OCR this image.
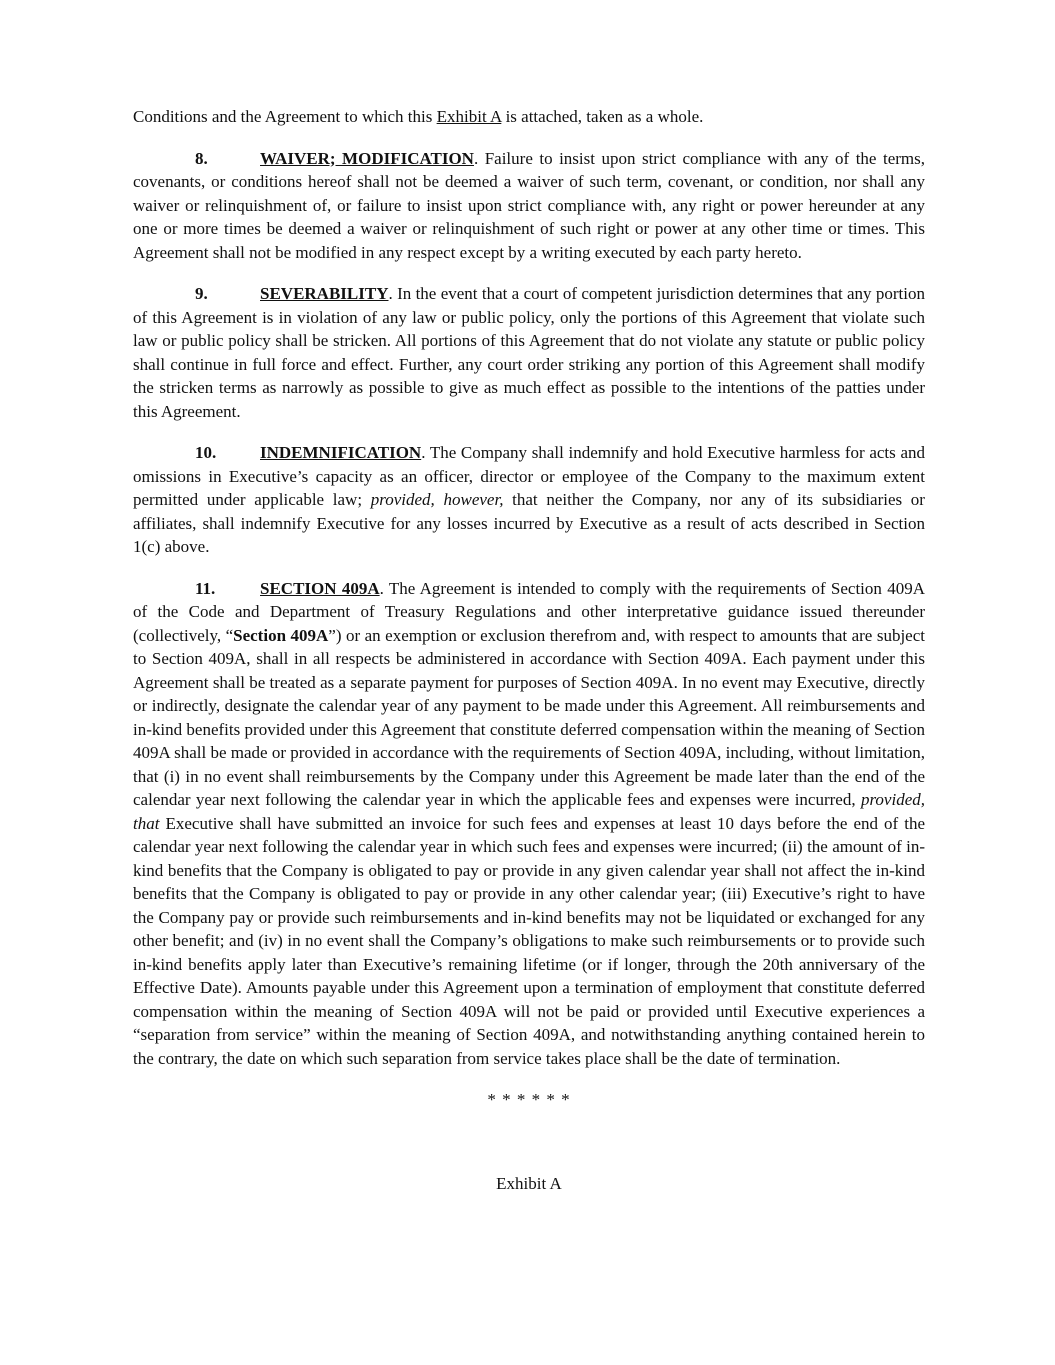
Conditions and the Agreement to which this Exhibit A is attached, taken as a whole.

8.	WAIVER; MODIFICATION. Failure to insist upon strict compliance with any of the terms, covenants, or conditions hereof shall not be deemed a waiver of such term, covenant, or condition, nor shall any waiver or relinquishment of, or failure to insist upon strict compliance with, any right or power hereunder at any one or more times be deemed a waiver or relinquishment of such right or power at any other time or times. This Agreement shall not be modified in any respect except by a writing executed by each party hereto.

9.	SEVERABILITY. In the event that a court of competent jurisdiction determines that any portion of this Agreement is in violation of any law or public policy, only the portions of this Agreement that violate such law or public policy shall be stricken. All portions of this Agreement that do not violate any statute or public policy shall continue in full force and effect. Further, any court order striking any portion of this Agreement shall modify the stricken terms as narrowly as possible to give as much effect as possible to the intentions of the patties under this Agreement.

10.	INDEMNIFICATION. The Company shall indemnify and hold Executive harmless for acts and omissions in Executive’s capacity as an officer, director or employee of the Company to the maximum extent permitted under applicable law; provided, however, that neither the Company, nor any of its subsidiaries or affiliates, shall indemnify Executive for any losses incurred by Executive as a result of acts described in Section 1(c) above.

11.	SECTION 409A. The Agreement is intended to comply with the requirements of Section 409A of the Code and Department of Treasury Regulations and other interpretative guidance issued thereunder (collectively, “Section 409A”) or an exemption or exclusion therefrom and, with respect to amounts that are subject to Section 409A, shall in all respects be administered in accordance with Section 409A. Each payment under this Agreement shall be treated as a separate payment for purposes of Section 409A. In no event may Executive, directly or indirectly, designate the calendar year of any payment to be made under this Agreement. All reimbursements and in-kind benefits provided under this Agreement that constitute deferred compensation within the meaning of Section 409A shall be made or provided in accordance with the requirements of Section 409A, including, without limitation, that (i) in no event shall reimbursements by the Company under this Agreement be made later than the end of the calendar year next following the calendar year in which the applicable fees and expenses were incurred, provided, that Executive shall have submitted an invoice for such fees and expenses at least 10 days before the end of the calendar year next following the calendar year in which such fees and expenses were incurred; (ii) the amount of in-kind benefits that the Company is obligated to pay or provide in any given calendar year shall not affect the in-kind benefits that the Company is obligated to pay or provide in any other calendar year; (iii) Executive’s right to have the Company pay or provide such reimbursements and in-kind benefits may not be liquidated or exchanged for any other benefit; and (iv) in no event shall the Company’s obligations to make such reimbursements or to provide such in-kind benefits apply later than Executive’s remaining lifetime (or if longer, through the 20th anniversary of the Effective Date). Amounts payable under this Agreement upon a termination of employment that constitute deferred compensation within the meaning of Section 409A will not be paid or provided until Executive experiences a “separation from service” within the meaning of Section 409A, and notwithstanding anything contained herein to the contrary, the date on which such separation from service takes place shall be the date of termination.

* * * * * *

Exhibit A
